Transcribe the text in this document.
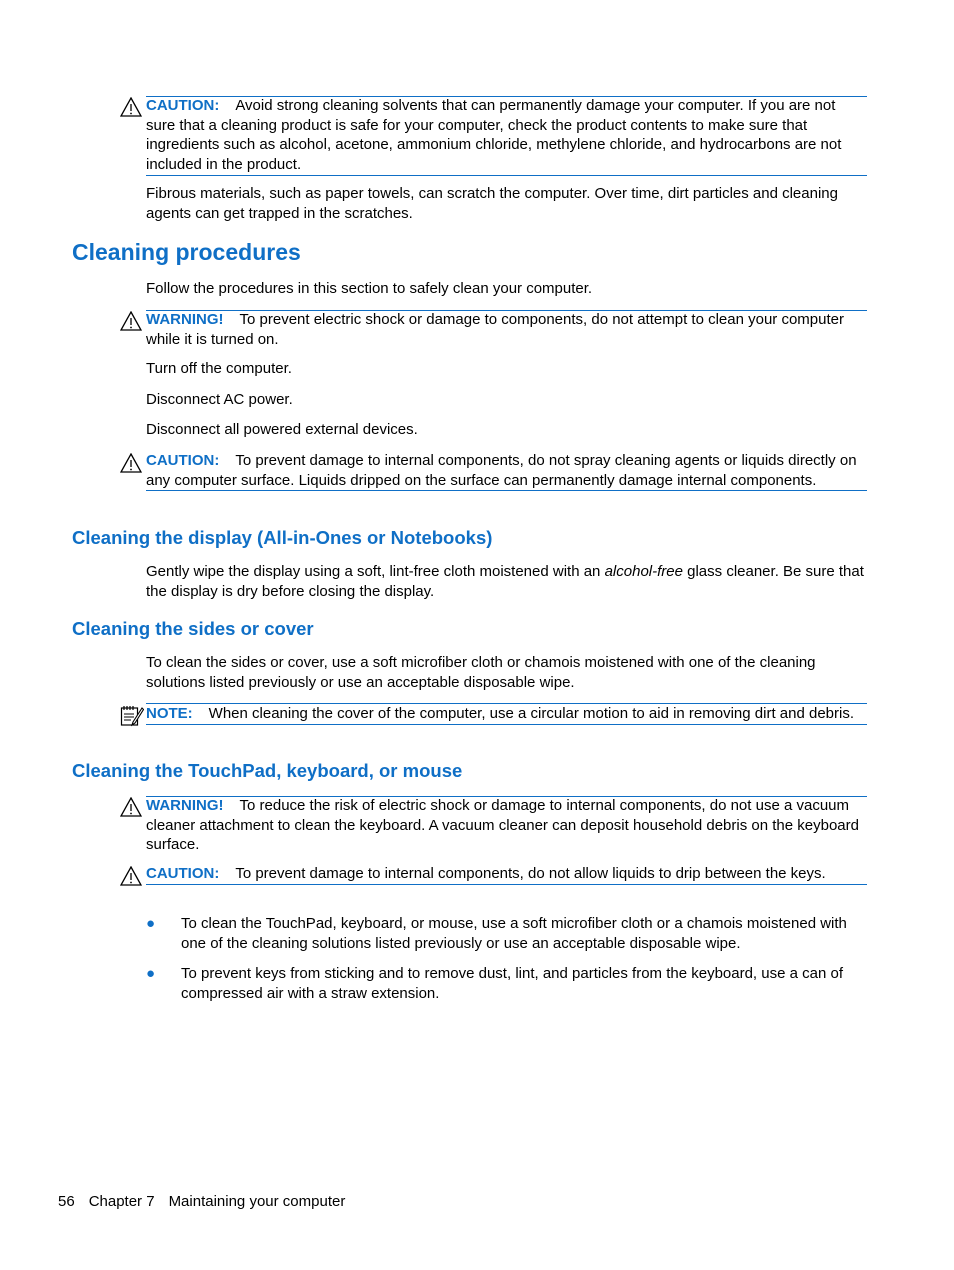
CAUTION: Avoid strong cleaning solvents that can permanently damage your computer. If you are not sure that a cleaning product is safe for your computer, check the product contents to make sure that ingredients such as alcohol, acetone, ammonium chloride, methylene chloride, and hydrocarbons are not included in the product.
Fibrous materials, such as paper towels, can scratch the computer. Over time, dirt particles and cleaning agents can get trapped in the scratches.
Cleaning procedures
Follow the procedures in this section to safely clean your computer.
WARNING! To prevent electric shock or damage to components, do not attempt to clean your computer while it is turned on.
Turn off the computer.
Disconnect AC power.
Disconnect all powered external devices.
CAUTION: To prevent damage to internal components, do not spray cleaning agents or liquids directly on any computer surface. Liquids dripped on the surface can permanently damage internal components.
Cleaning the display (All-in-Ones or Notebooks)
Gently wipe the display using a soft, lint-free cloth moistened with an alcohol-free glass cleaner. Be sure that the display is dry before closing the display.
Cleaning the sides or cover
To clean the sides or cover, use a soft microfiber cloth or chamois moistened with one of the cleaning solutions listed previously or use an acceptable disposable wipe.
NOTE: When cleaning the cover of the computer, use a circular motion to aid in removing dirt and debris.
Cleaning the TouchPad, keyboard, or mouse
WARNING! To reduce the risk of electric shock or damage to internal components, do not use a vacuum cleaner attachment to clean the keyboard. A vacuum cleaner can deposit household debris on the keyboard surface.
CAUTION: To prevent damage to internal components, do not allow liquids to drip between the keys.
● To clean the TouchPad, keyboard, or mouse, use a soft microfiber cloth or a chamois moistened with one of the cleaning solutions listed previously or use an acceptable disposable wipe.
● To prevent keys from sticking and to remove dust, lint, and particles from the keyboard, use a can of compressed air with a straw extension.
56 Chapter 7 Maintaining your computer
